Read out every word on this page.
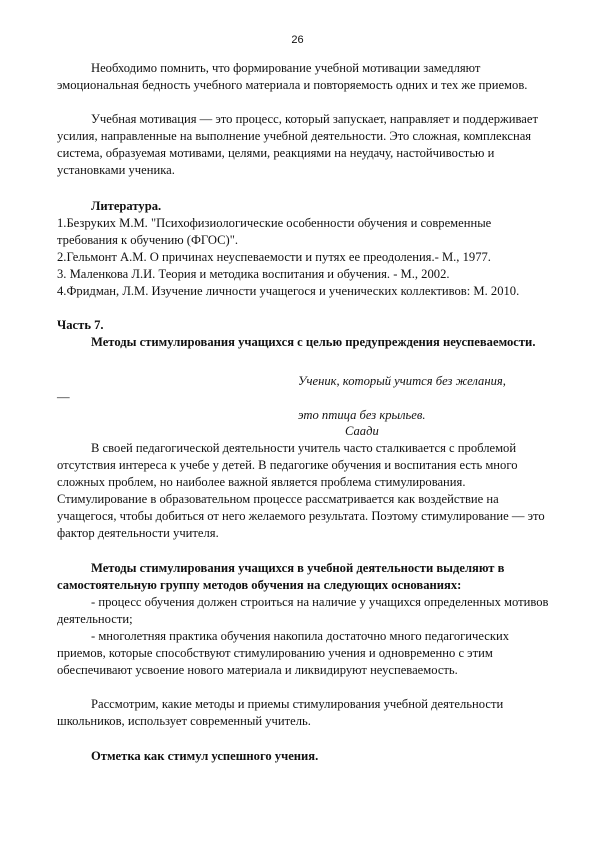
26

Необходимо помнить, что формирование учебной мотивации замедляют эмоциональная бедность учебного материала и повторяемость одних и тех же приемов.

Учебная мотивация — это процесс, который запускает, направляет и поддерживает усилия, направленные на выполнение учебной деятельности. Это сложная, комплексная система, образуемая мотивами, целями, реакциями на неудачу, настойчивостью и установками ученика.

Литература.

1.Безруких М.М. "Психофизиологические особенности обучения и современные требования к обучению (ФГОС)".

2.Гельмонт А.М. О причинах неуспеваемости и путях ее преодоления.- М., 1977.

3. Маленкова Л.И. Теория и методика воспитания и обучения. - М., 2002.

4.Фридман, Л.М. Изучение личности учащегося и ученических коллективов: М. 2010.

Часть 7.

Методы стимулирования учащихся с целью предупреждения неуспеваемости.

Ученик, который учится без желания,
—
это птица без крыльев.
Саади

В своей педагогической деятельности учитель часто сталкивается с проблемой отсутствия интереса к учебе у детей. В педагогике обучения и воспитания есть много сложных проблем, но наиболее важной является проблема стимулирования. Стимулирование в образовательном процессе рассматривается как воздействие на учащегося, чтобы добиться от него желаемого результата. Поэтому стимулирование — это фактор деятельности учителя.

Методы стимулирования учащихся в учебной деятельности выделяют в самостоятельную группу методов обучения на следующих основаниях:

- процесс обучения должен строиться на наличие у учащихся определенных мотивов деятельности;

- многолетняя практика обучения накопила достаточно много педагогических приемов, которые способствуют стимулированию учения и одновременно с этим обеспечивают усвоение нового материала и ликвидируют неуспеваемость.

Рассмотрим, какие методы и приемы стимулирования учебной деятельности школьников, использует современный учитель.

Отметка как стимул успешного учения.
